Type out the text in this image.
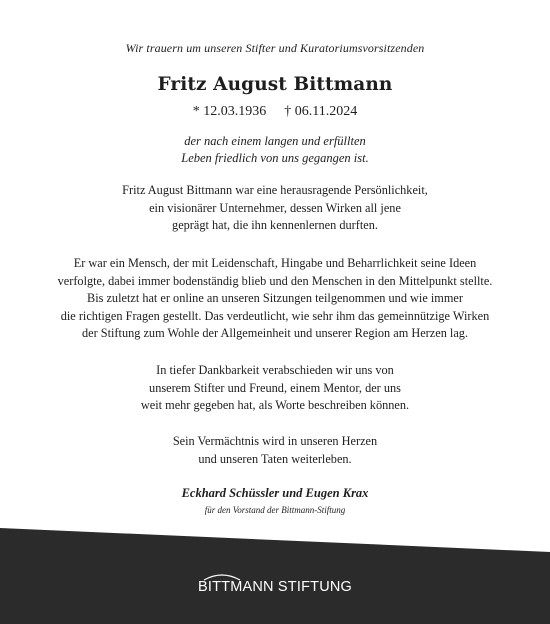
Wir trauern um unseren Stifter und Kuratoriumsvorsitzenden
Fritz August Bittmann
* 12.03.1936 † 06.11.2024
der nach einem langen und erfüllten
Leben friedlich von uns gegangen ist.
Fritz August Bittmann war eine herausragende Persönlichkeit,
ein visionärer Unternehmer, dessen Wirken all jene
geprägt hat, die ihn kennenlernen durften.
Er war ein Mensch, der mit Leidenschaft, Hingabe und Beharrlichkeit seine Ideen
verfolgte, dabei immer bodenständig blieb und den Menschen in den Mittelpunkt stellte.
Bis zuletzt hat er online an unseren Sitzungen teilgenommen und wie immer
die richtigen Fragen gestellt. Das verdeutlicht, wie sehr ihm das gemeinnützige Wirken
der Stiftung zum Wohle der Allgemeinheit und unserer Region am Herzen lag.
In tiefer Dankbarkeit verabschieden wir uns von
unserem Stifter und Freund, einem Mentor, der uns
weit mehr gegeben hat, als Worte beschreiben können.
Sein Vermächtnis wird in unseren Herzen
und unseren Taten weiterleben.
Eckhard Schüssler und Eugen Krax
für den Vorstand der Bittmann-Stiftung
BITTMANN STIFTUNG
